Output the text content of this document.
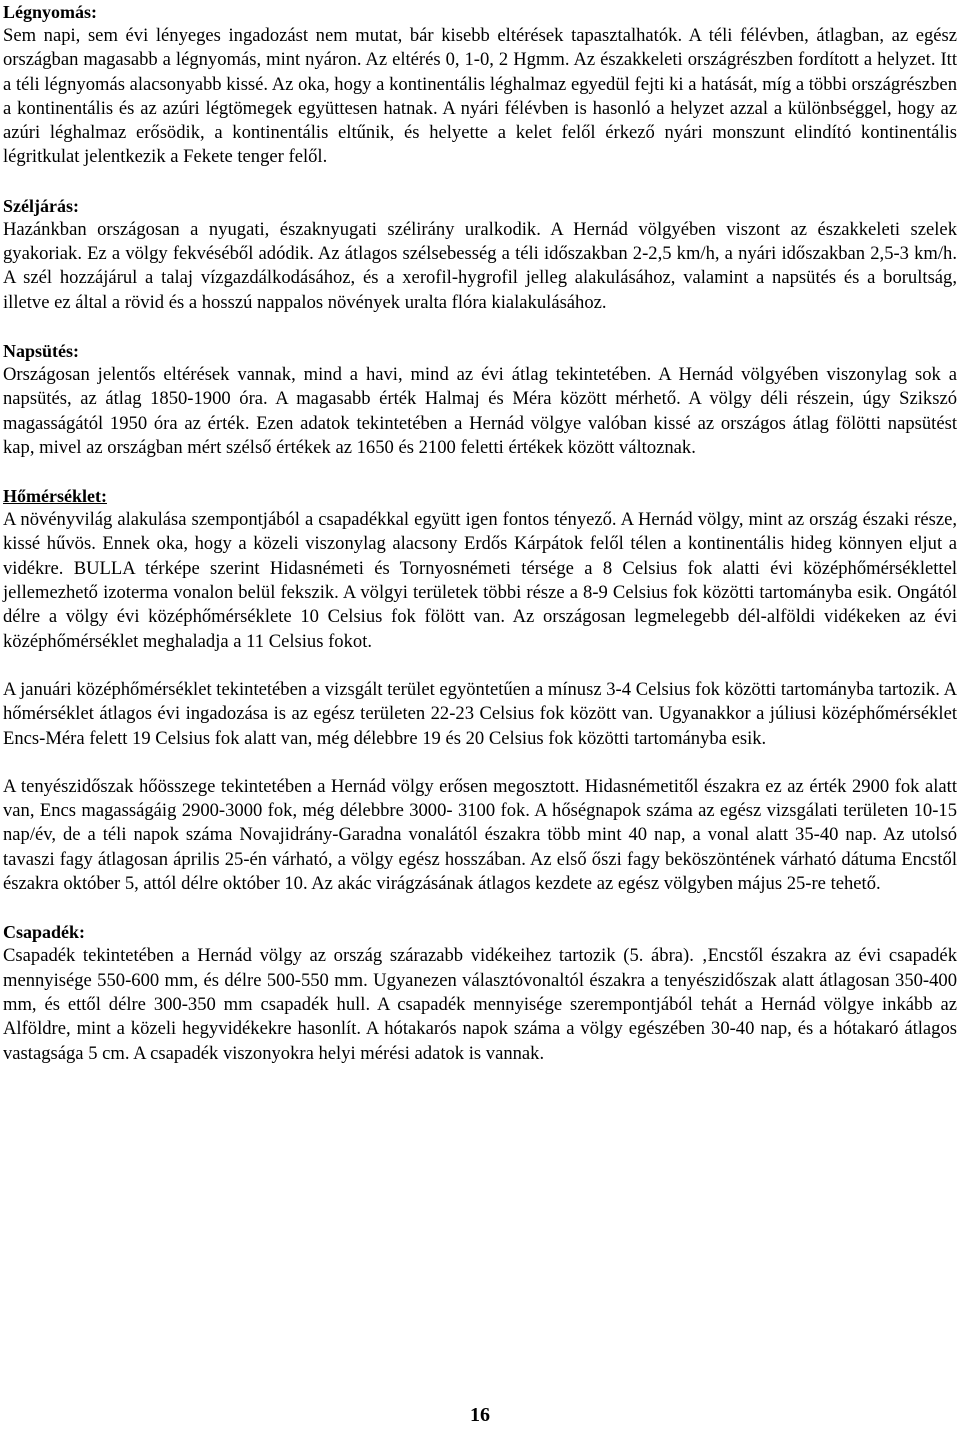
Légnyomás:

Sem napi, sem évi lényeges ingadozást nem mutat, bár kisebb eltérések tapasztalhatók. A téli félévben, átlagban, az egész országban magasabb a légnyomás, mint nyáron. Az eltérés 0, 1-0, 2 Hgmm. Az északkeleti országrészben fordított a helyzet. Itt a téli légnyomás alacsonyabb kissé. Az oka, hogy a kontinentális léghalmaz egyedül fejti ki a hatását, míg a többi országrészben a kontinentális és az azúri légtömegek együttesen hatnak. A nyári félévben is hasonló a helyzet azzal a különbséggel, hogy az azúri léghalmaz erősödik, a kontinentális eltűnik, és helyette a kelet felől érkező nyári monszunt elindító kontinentális légritkulat jelentkezik a Fekete tenger felől.

Széljárás:

Hazánkban országosan a nyugati, északnyugati szélirány uralkodik. A Hernád völgyében viszont az északkeleti szelek gyakoriak. Ez a völgy fekvéséből adódik. Az átlagos szélsebesség a téli időszakban 2-2,5 km/h, a nyári időszakban 2,5-3 km/h. A szél hozzájárul a talaj vízgazdálkodásához, és a xerofil-hygrofil jelleg alakulásához, valamint a napsütés és a borultság, illetve ez által a rövid és a hosszú nappalos növények uralta flóra kialakulásához.

Napsütés:

Országosan jelentős eltérések vannak, mind a havi, mind az évi átlag tekintetében. A Hernád völgyében viszonylag sok a napsütés, az átlag 1850-1900 óra. A magasabb érték Halmaj és Méra között mérhető. A völgy déli részein, úgy Szikszó magasságától 1950 óra az érték. Ezen adatok tekintetében a Hernád völgye valóban kissé az országos átlag fölötti napsütést kap, mivel az országban mért szélső értékek az 1650 és 2100 feletti értékek között változnak.

Hőmérséklet:

A növényvilág alakulása szempontjából a csapadékkal együtt igen fontos tényező. A Hernád völgy, mint az ország északi része, kissé hűvös. Ennek oka, hogy a közeli viszonylag alacsony Erdős Kárpátok felől télen a kontinentális hideg könnyen eljut a vidékre. BULLA térképe szerint Hidasnémeti és Tornyosnémeti térsége a 8 Celsius fok alatti évi középhőmérséklettel jellemezhető izoterma vonalon belül fekszik. A völgyi területek többi része a 8-9 Celsius fok közötti tartományba esik. Ongától délre a völgy évi középhőmérséklete 10 Celsius fok fölött van. Az országosan legmelegebb dél-alföldi vidékeken az évi középhőmérséklet meghaladja a 11 Celsius fokot.

A januári középhőmérséklet tekintetében a vizsgált terület egyöntetűen a mínusz 3-4 Celsius fok közötti tartományba tartozik. A hőmérséklet átlagos évi ingadozása is az egész területen 22-23 Celsius fok között van. Ugyanakkor a júliusi középhőmérséklet Encs-Méra felett 19 Celsius fok alatt van, még délebbre 19 és 20 Celsius fok közötti tartományba esik.

A tenyészidőszak hőösszege tekintetében a Hernád völgy erősen megosztott. Hidasnémetitől északra ez az érték 2900 fok alatt van, Encs magasságáig 2900-3000 fok, még délebbre 3000- 3100 fok. A hőségnapok száma az egész vizsgálati területen 10-15 nap/év, de a téli napok száma Novajidrány-Garadna vonalától északra több mint 40 nap, a vonal alatt 35-40 nap. Az utolsó tavaszi fagy átlagosan április 25-én várható, a völgy egész hosszában. Az első őszi fagy beköszöntének várható dátuma Encstől északra október 5, attól délre október 10. Az akác virágzásának átlagos kezdete az egész völgyben május 25-re tehető.

Csapadék:

Csapadék tekintetében a Hernád völgy az ország szárazabb vidékeihez tartozik (5. ábra). ‚Encstől északra az évi csapadék mennyisége 550-600 mm, és délre 500-550 mm. Ugyanezen választóvonaltól északra a tenyészidőszak alatt átlagosan 350-400 mm, és ettől délre 300-350 mm csapadék hull. A csapadék mennyisége szerempontjából tehát a Hernád völgye inkább az Alföldre, mint a közeli hegyvidékekre hasonlít. A hótakarós napok száma a völgy egészében 30-40 nap, és a hótakaró átlagos vastagsága 5 cm. A csapadék viszonyokra helyi mérési adatok is vannak.

16
